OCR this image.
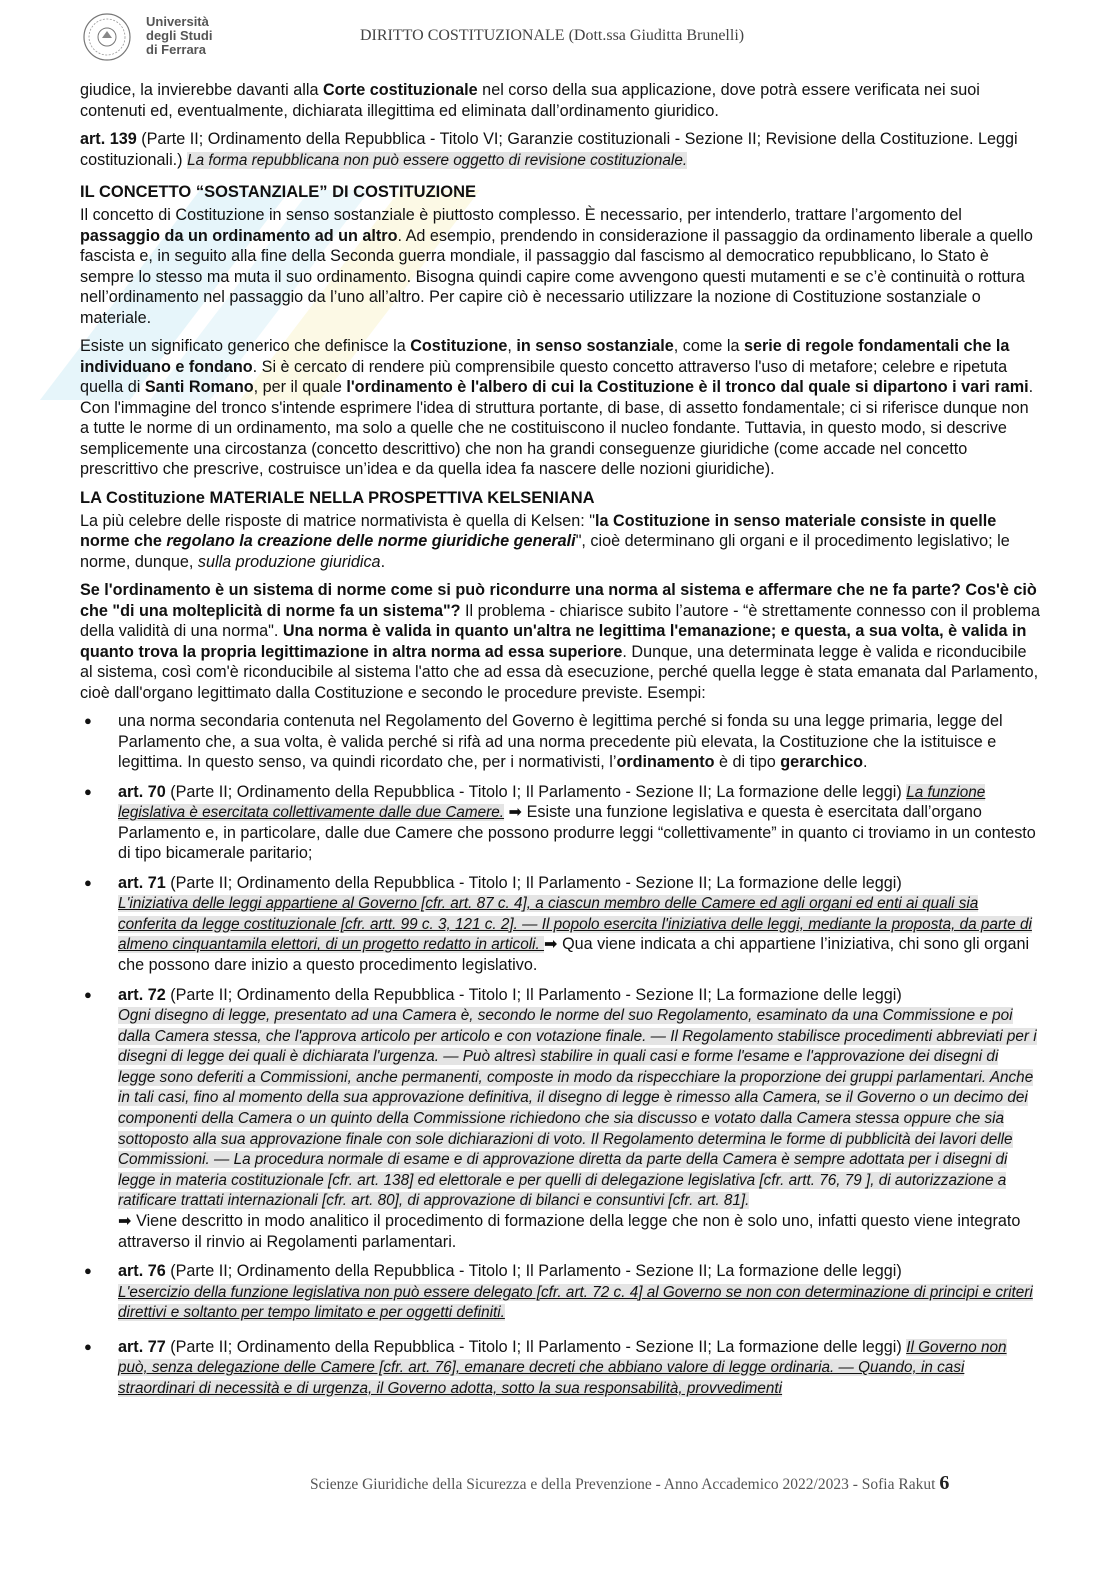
Università
degli Studi
di Ferrara
DIRITTO COSTITUZIONALE (Dott.ssa Giuditta Brunelli)

giudice, la invierebbe davanti alla Corte costituzionale nel corso della sua applicazione, dove potrà essere verificata nei suoi contenuti ed, eventualmente, dichiarata illegittima ed eliminata dall’ordinamento giuridico.

art. 139 (Parte II; Ordinamento della Repubblica - Titolo VI; Garanzie costituzionali - Sezione II; Revisione della Costituzione. Leggi costituzionali.) La forma repubblicana non può essere oggetto di revisione costituzionale.

IL CONCETTO “SOSTANZIALE” DI COSTITUZIONE

Il concetto di Costituzione in senso sostanziale è piuttosto complesso. È necessario, per intenderlo, trattare l’argomento del passaggio da un ordinamento ad un altro. Ad esempio, prendendo in considerazione il passaggio da ordinamento liberale a quello fascista e, in seguito alla fine della Seconda guerra mondiale, il passaggio dal fascismo al democratico repubblicano, lo Stato è sempre lo stesso ma muta il suo ordinamento. Bisogna quindi capire come avvengono questi mutamenti e se c’è continuità o rottura nell’ordinamento nel passaggio da l’uno all’altro. Per capire ciò è necessario utilizzare la nozione di Costituzione sostanziale o materiale.

Esiste un significato generico che definisce la Costituzione, in senso sostanziale, come la serie di regole fondamentali che la individuano e fondano. Si è cercato di rendere più comprensibile questo concetto attraverso l'uso di metafore; celebre e ripetuta quella di Santi Romano, per il quale l'ordinamento è l'albero di cui la Costituzione è il tronco dal quale si dipartono i vari rami. Con l'immagine del tronco s'intende esprimere l'idea di struttura portante, di base, di assetto fondamentale; ci si riferisce dunque non a tutte le norme di un ordinamento, ma solo a quelle che ne costituiscono il nucleo fondante. Tuttavia, in questo modo, si descrive semplicemente una circostanza (concetto descrittivo) che non ha grandi conseguenze giuridiche (come accade nel concetto prescrittivo che prescrive, costruisce un’idea e da quella idea fa nascere delle nozioni giuridiche).

LA Costituzione MATERIALE NELLA PROSPETTIVA KELSENIANA

La più celebre delle risposte di matrice normativista è quella di Kelsen: "la Costituzione in senso materiale consiste in quelle norme che regolano la creazione delle norme giuridiche generali", cioè determinano gli organi e il procedimento legislativo; le norme, dunque, sulla produzione giuridica.

Se l'ordinamento è un sistema di norme come si può ricondurre una norma al sistema e affermare che ne fa parte? Cos'è ciò che "di una molteplicità di norme fa un sistema"? Il problema - chiarisce subito l’autore - “è strettamente connesso con il problema della validità di una norma". Una norma è valida in quanto un'altra ne legittima l'emanazione; e questa, a sua volta, è valida in quanto trova la propria legittimazione in altra norma ad essa superiore. Dunque, una determinata legge è valida e riconducibile al sistema, così com'è riconducibile al sistema l'atto che ad essa dà esecuzione, perché quella legge è stata emanata dal Parlamento, cioè dall'organo legittimato dalla Costituzione e secondo le procedure previste. Esempi:

● una norma secondaria contenuta nel Regolamento del Governo è legittima perché si fonda su una legge primaria, legge del Parlamento che, a sua volta, è valida perché si rifà ad una norma precedente più elevata, la Costituzione che la istituisce e legittima. In questo senso, va quindi ricordato che, per i normativisti, l’ordinamento è di tipo gerarchico.
● art. 70 (Parte II; Ordinamento della Repubblica - Titolo I; Il Parlamento - Sezione II; La formazione delle leggi) La funzione legislativa è esercitata collettivamente dalle due Camere. ➡ Esiste una funzione legislativa e questa è esercitata dall’organo Parlamento e, in particolare, dalle due Camere che possono produrre leggi “collettivamente” in quanto ci troviamo in un contesto di tipo bicamerale paritario;
● art. 71 (Parte II; Ordinamento della Repubblica - Titolo I; Il Parlamento - Sezione II; La formazione delle leggi)
L'iniziativa delle leggi appartiene al Governo [cfr. art. 87 c. 4], a ciascun membro delle Camere ed agli organi ed enti ai quali sia conferita da legge costituzionale [cfr. artt. 99 c. 3, 121 c. 2]. — Il popolo esercita l'iniziativa delle leggi, mediante la proposta, da parte di almeno cinquantamila elettori, di un progetto redatto in articoli. ➡ Qua viene indicata a chi appartiene l’iniziativa, chi sono gli organi che possono dare inizio a questo procedimento legislativo.
● art. 72 (Parte II; Ordinamento della Repubblica - Titolo I; Il Parlamento - Sezione II; La formazione delle leggi)
Ogni disegno di legge, presentato ad una Camera è, secondo le norme del suo Regolamento, esaminato da una Commissione e poi dalla Camera stessa, che l'approva articolo per articolo e con votazione finale. — Il Regolamento stabilisce procedimenti abbreviati per i disegni di legge dei quali è dichiarata l'urgenza. — Può altresì stabilire in quali casi e forme l'esame e l'approvazione dei disegni di legge sono deferiti a Commissioni, anche permanenti, composte in modo da rispecchiare la proporzione dei gruppi parlamentari. Anche in tali casi, fino al momento della sua approvazione definitiva, il disegno di legge è rimesso alla Camera, se il Governo o un decimo dei componenti della Camera o un quinto della Commissione richiedono che sia discusso e votato dalla Camera stessa oppure che sia sottoposto alla sua approvazione finale con sole dichiarazioni di voto. Il Regolamento determina le forme di pubblicità dei lavori delle Commissioni. — La procedura normale di esame e di approvazione diretta da parte della Camera è sempre adottata per i disegni di legge in materia costituzionale [cfr. art. 138] ed elettorale e per quelli di delegazione legislativa [cfr. artt. 76, 79 ], di autorizzazione a ratificare trattati internazionali [cfr. art. 80], di approvazione di bilanci e consuntivi [cfr. art. 81].
➡ Viene descritto in modo analitico il procedimento di formazione della legge che non è solo uno, infatti questo viene integrato attraverso il rinvio ai Regolamenti parlamentari.
● art. 76 (Parte II; Ordinamento della Repubblica - Titolo I; Il Parlamento - Sezione II; La formazione delle leggi)
L'esercizio della funzione legislativa non può essere delegato [cfr. art. 72 c. 4] al Governo se non con determinazione di principi e criteri direttivi e soltanto per tempo limitato e per oggetti definiti.
● art. 77 (Parte II; Ordinamento della Repubblica - Titolo I; Il Parlamento - Sezione II; La formazione delle leggi) Il Governo non può, senza delegazione delle Camere [cfr. art. 76], emanare decreti che abbiano valore di legge ordinaria. — Quando, in casi straordinari di necessità e di urgenza, il Governo adotta, sotto la sua responsabilità, provvedimenti
Scienze Giuridiche della Sicurezza e della Prevenzione - Anno Accademico 2022/2023 - Sofia Rakut 6
